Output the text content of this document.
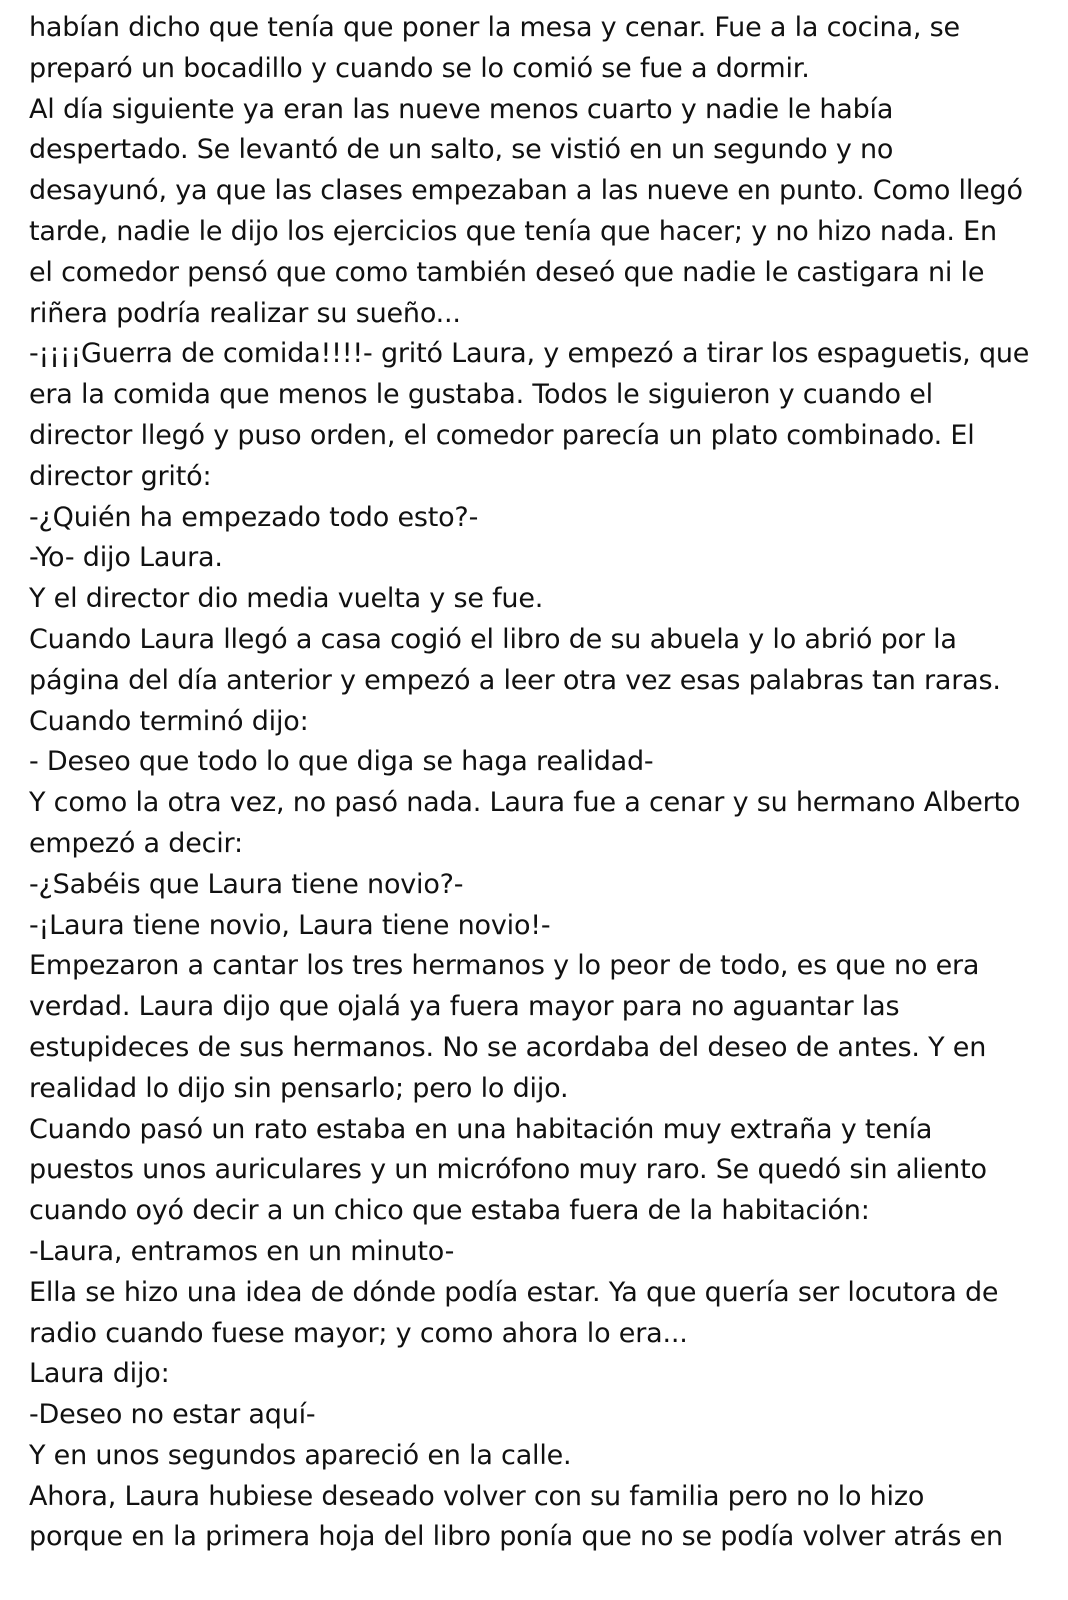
habían dicho que tenía que poner la mesa y cenar. Fue a la cocina, se
preparó un bocadillo y cuando se lo comió se fue a dormir.
Al día siguiente ya eran las nueve menos cuarto y nadie le había
despertado. Se levantó de un salto, se vistió en un segundo y no
desayunó, ya que las clases empezaban a las nueve en punto. Como llegó
tarde, nadie le dijo los ejercicios que tenía que hacer; y no hizo nada. En
el comedor pensó que como también deseó que nadie le castigara ni le
riñera podría realizar su sueño...
-¡¡¡¡Guerra de comida!!!!- gritó Laura, y empezó a tirar los espaguetis, que
era la comida que menos le gustaba. Todos le siguieron y cuando el
director llegó y puso orden, el comedor parecía un plato combinado. El
director gritó:
-¿Quién ha empezado todo esto?-
-Yo- dijo Laura.
Y el director dio media vuelta y se fue.
Cuando Laura llegó a casa cogió el libro de su abuela y lo abrió por la
página del día anterior y empezó a leer otra vez esas palabras tan raras.
Cuando terminó dijo:
- Deseo que todo lo que diga se haga realidad-
Y como la otra vez, no pasó nada. Laura fue a cenar y su hermano Alberto
empezó a decir:
-¿Sabéis que Laura tiene novio?-
-¡Laura tiene novio, Laura tiene novio!-
Empezaron a cantar los tres hermanos y lo peor de todo, es que no era
verdad. Laura dijo que ojalá ya fuera mayor para no aguantar las
estupideces de sus hermanos. No se acordaba del deseo de antes. Y en
realidad lo dijo sin pensarlo; pero lo dijo.
Cuando pasó un rato estaba en una habitación muy extraña y tenía
puestos unos auriculares y un micrófono muy raro. Se quedó sin aliento
cuando oyó decir a un chico que estaba fuera de la habitación:
-Laura, entramos en un minuto-
Ella se hizo una idea de dónde podía estar. Ya que quería ser locutora de
radio cuando fuese mayor; y como ahora lo era...
Laura dijo:
-Deseo no estar aquí-
Y en unos segundos apareció en la calle.
Ahora, Laura hubiese deseado volver con su familia pero no lo hizo
porque en la primera hoja del libro ponía que no se podía volver atrás en
